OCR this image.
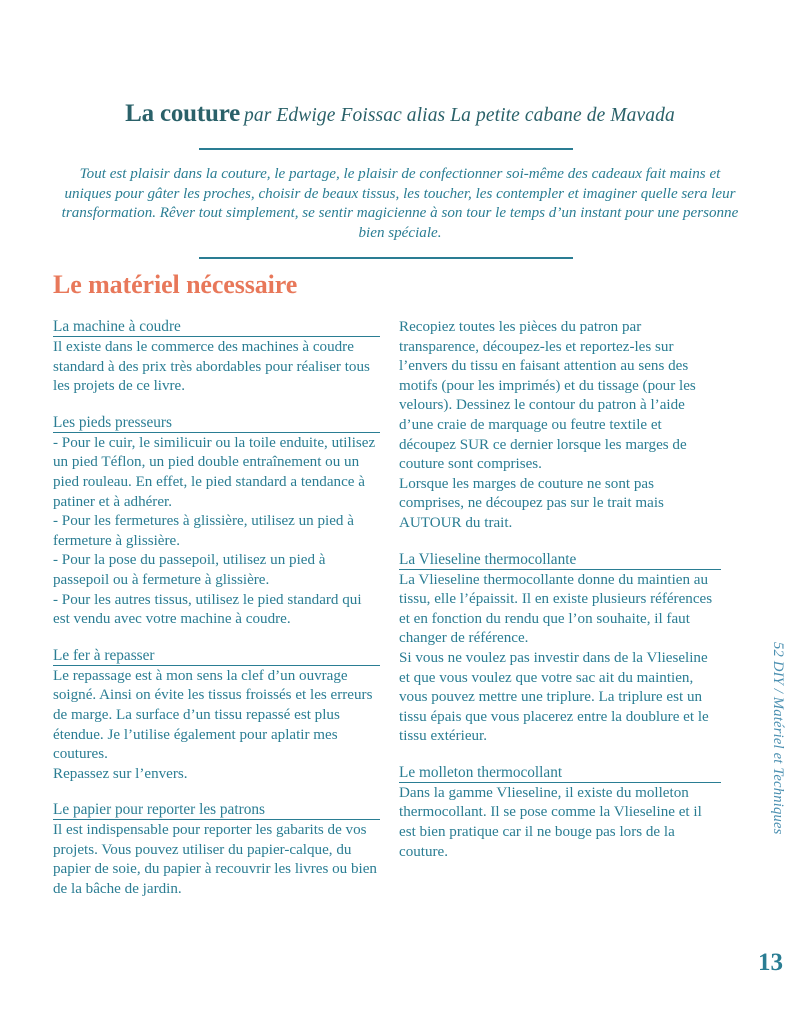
La couture par Edwige Foissac alias La petite cabane de Mavada

Tout est plaisir dans la couture, le partage, le plaisir de confectionner soi-même des cadeaux fait mains et uniques pour gâter les proches, choisir de beaux tissus, les toucher, les contempler et imaginer quelle sera leur transformation. Rêver tout simplement, se sentir magicienne à son tour le temps d’un instant pour une personne bien spéciale.

Le matériel nécessaire
La machine à coudre

Il existe dans le commerce des machines à coudre standard à des prix très abordables pour réaliser tous les projets de ce livre.

Les pieds presseurs

- Pour le cuir, le similicuir ou la toile enduite, utilisez un pied Téflon, un pied double entraînement ou un pied rouleau. En effet, le pied standard a tendance à patiner et à adhérer.
- Pour les fermetures à glissière, utilisez un pied à fermeture à glissière.
- Pour la pose du passepoil, utilisez un pied à passepoil ou à fermeture à glissière.
- Pour les autres tissus, utilisez le pied standard qui est vendu avec votre machine à coudre.

Le fer à repasser

Le repassage est à mon sens la clef d’un ouvrage soigné. Ainsi on évite les tissus froissés et les erreurs de marge. La surface d’un tissu repassé est plus étendue. Je l’utilise également pour aplatir mes coutures.
Repassez sur l’envers.

Le papier pour reporter les patrons

Il est indispensable pour reporter les gabarits de vos projets. Vous pouvez utiliser du papier-calque, du papier de soie, du papier à recouvrir les livres ou bien de la bâche de jardin.

Recopiez toutes les pièces du patron par transparence, découpez-les et reportez-les sur l’envers du tissu en faisant attention au sens des motifs (pour les imprimés) et du tissage (pour les velours). Dessinez le contour du patron à l’aide d’une craie de marquage ou feutre textile et découpez SUR ce dernier lorsque les marges de couture sont comprises.
Lorsque les marges de couture ne sont pas comprises, ne découpez pas sur le trait mais AUTOUR du trait.

La Vlieseline thermocollante

La Vlieseline thermocollante donne du maintien au tissu, elle l’épaissit. Il en existe plusieurs références et en fonction du rendu que l’on souhaite, il faut changer de référence.
Si vous ne voulez pas investir dans de la Vlieseline et que vous voulez que votre sac ait du maintien, vous pouvez mettre une triplure. La triplure est un tissu épais que vous placerez entre la doublure et le tissu extérieur.

Le molleton thermocollant

Dans la gamme Vlieseline, il existe du molleton thermocollant. Il se pose comme la Vlieseline et il est bien pratique car il ne bouge pas lors de la couture.

52 DIY / Matériel et Techniques
13
